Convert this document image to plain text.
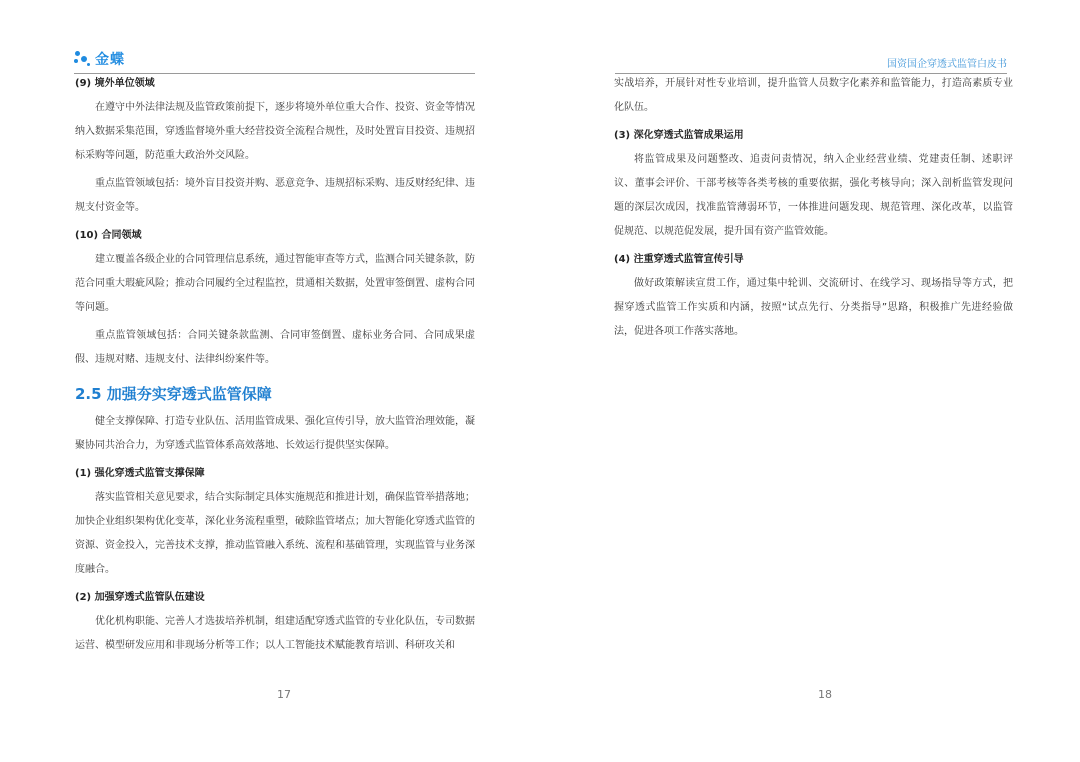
金蝶
(9) 境外单位领域

在遵守中外法律法规及监管政策前提下，逐步将境外单位重大合作、投资、资金等情况纳入数据采集范围，穿透监督境外重大经营投资全流程合规性，及时处置盲目投资、违规招标采购等问题，防范重大政治外交风险。

重点监管领域包括：境外盲目投资并购、恶意竞争、违规招标采购、违反财经纪律、违规支付资金等。

(10) 合同领域

建立覆盖各级企业的合同管理信息系统，通过智能审查等方式，监测合同关键条款，防范合同重大瑕疵风险；推动合同履约全过程监控，贯通相关数据，处置审签倒置、虚构合同等问题。

重点监管领域包括：合同关键条款监测、合同审签倒置、虚标业务合同、合同成果虚假、违规对赌、违规支付、法律纠纷案件等。

2.5 加强夯实穿透式监管保障

健全支撑保障、打造专业队伍、活用监管成果、强化宣传引导，放大监管治理效能，凝聚协同共治合力，为穿透式监管体系高效落地、长效运行提供坚实保障。

(1) 强化穿透式监管支撑保障

落实监管相关意见要求，结合实际制定具体实施规范和推进计划，确保监管举措落地；加快企业组织架构优化变革，深化业务流程重塑，破除监管堵点；加大智能化穿透式监管的资源、资金投入，完善技术支撑，推动监管融入系统、流程和基础管理，实现监管与业务深度融合。

(2) 加强穿透式监管队伍建设

优化机构职能、完善人才选拔培养机制，组建适配穿透式监管的专业化队伍，专司数据运营、模型研发应用和非现场分析等工作；以人工智能技术赋能教育培训、科研攻关和

17
国资国企穿透式监管白皮书

实战培养，开展针对性专业培训，提升监管人员数字化素养和监管能力，打造高素质专业化队伍。

(3) 深化穿透式监管成果运用

将监管成果及问题整改、追责问责情况，纳入企业经营业绩、党建责任制、述职评议、董事会评价、干部考核等各类考核的重要依据，强化考核导向；深入剖析监管发现问题的深层次成因，找准监管薄弱环节，一体推进问题发现、规范管理、深化改革，以监管促规范、以规范促发展，提升国有资产监管效能。

(4) 注重穿透式监管宣传引导

做好政策解读宣贯工作，通过集中轮训、交流研讨、在线学习、现场指导等方式，把握穿透式监管工作实质和内涵，按照“试点先行、分类指导”思路，积极推广先进经验做法，促进各项工作落实落地。

18
